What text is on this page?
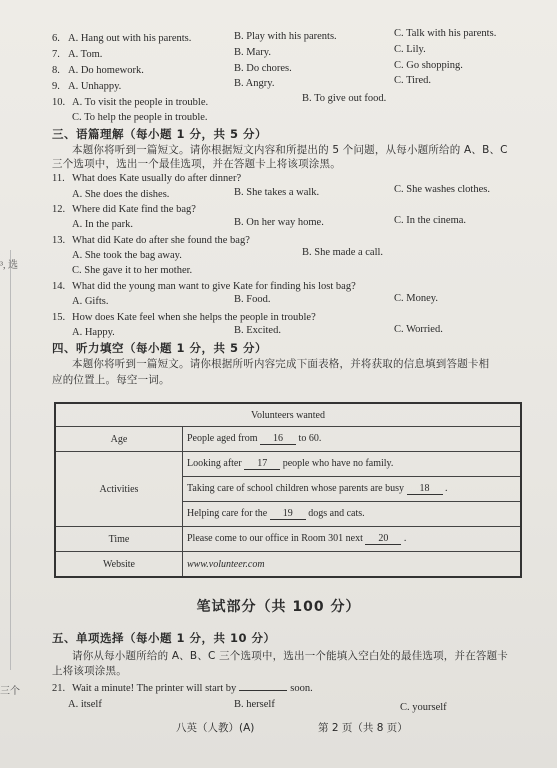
³, 选
三个
6. A. Hang out with his parents.	B. Play with his parents.	C. Talk with his parents.
7. A. Tom.	B. Mary.	C. Lily.
8. A. Do homework.	B. Do chores.	C. Go shopping.
9. A. Unhappy.	B. Angry.	C. Tired.
10. A. To visit the people in trouble.	B. To give out food.
C. To help the people in trouble.
三、语篇理解（每小题 1 分，共 5 分）
本题你将听到一篇短文。请你根据短文内容和所提出的 5 个问题，从每小题所给的 A、B、C
三个选项中，选出一个最佳选项，并在答题卡上将该项涂黑。
11. What does Kate usually do after dinner?
A. She does the dishes.	B. She takes a walk.	C. She washes clothes.
12. Where did Kate find the bag?
A. In the park.	B. On her way home.	C. In the cinema.
13. What did Kate do after she found the bag?
A. She took the bag away.	B. She made a call.
C. She gave it to her mother.
14. What did the young man want to give Kate for finding his lost bag?
A. Gifts.	B. Food.	C. Money.
15. How does Kate feel when she helps the people in trouble?
A. Happy.	B. Excited.	C. Worried.
四、听力填空（每小题 1 分，共 5 分）
本题你将听到一篇短文。请你根据所听内容完成下面表格，并将获取的信息填到答题卡相
应的位置上。每空一词。
Volunteers wanted	
Age	People aged from 16 to 60.
Activities	Looking after 17 people who have no family.
	Taking care of school children whose parents are busy 18 .
	Helping care for the 19 dogs and cats.
Time	Please come to our office in Room 301 next 20 .
Website	www.volunteer.com
笔试部分（共 100 分）
五、单项选择（每小题 1 分，共 10 分）
请你从每小题所给的 A、B、C 三个选项中，选出一个能填入空白处的最佳选项，并在答题卡
上将该项涂黑。
21. Wait a minute! The printer will start by	soon.
A. itself	B. herself	C. yourself
八英（人教）(A)	第 2 页（共 8 页）
